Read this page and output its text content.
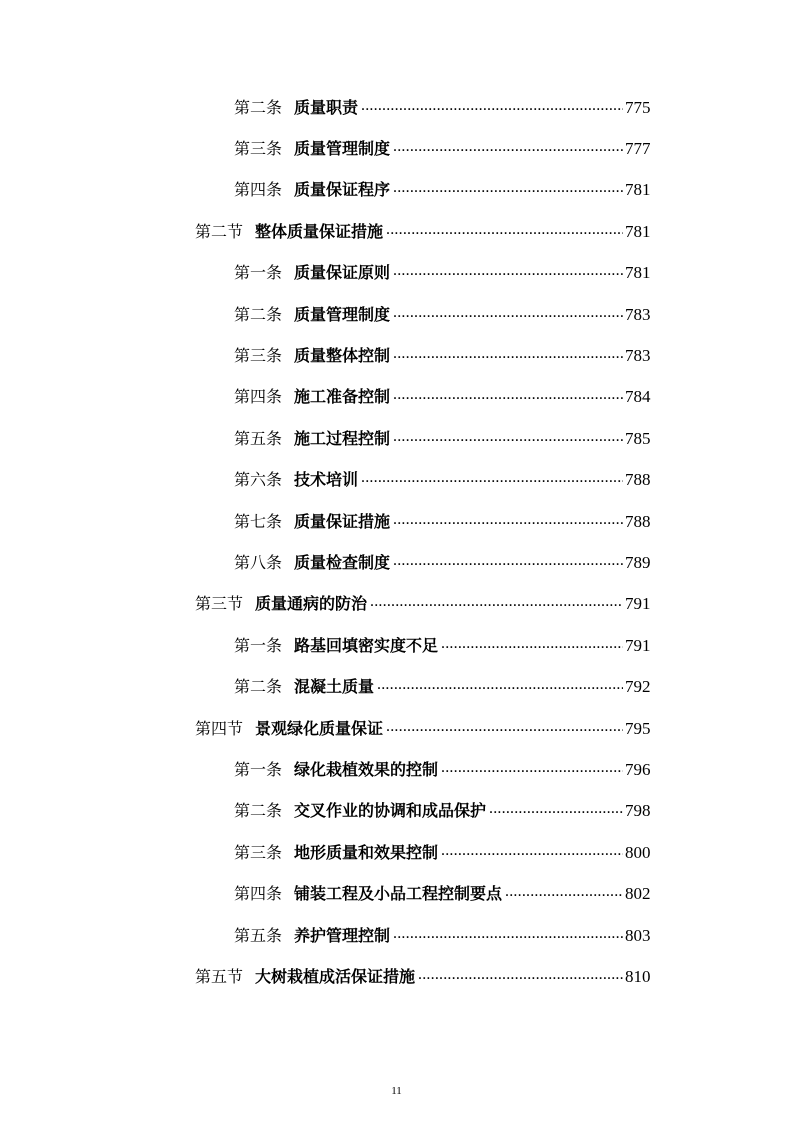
第二条 质量职责 .....	775
第三条 质量管理制度 .....	777
第四条 质量保证程序 .....	781
第二节 整体质量保证措施 .....	781
第一条 质量保证原则 .....	781
第二条 质量管理制度 .....	783
第三条 质量整体控制 .....	783
第四条 施工准备控制 .....	784
第五条 施工过程控制 .....	785
第六条 技术培训 .....	788
第七条 质量保证措施 .....	788
第八条 质量检查制度 .....	789
第三节 质量通病的防治 .....	791
第一条 路基回填密实度不足 .....	791
第二条 混凝土质量 .....	792
第四节 景观绿化质量保证 .....	795
第一条 绿化栽植效果的控制 .....	796
第二条 交叉作业的协调和成品保护 .....	798
第三条 地形质量和效果控制 .....	800
第四条 铺装工程及小品工程控制要点 .....	802
第五条 养护管理控制 .....	803
第五节 大树栽植成活保证措施 .....	810
11
